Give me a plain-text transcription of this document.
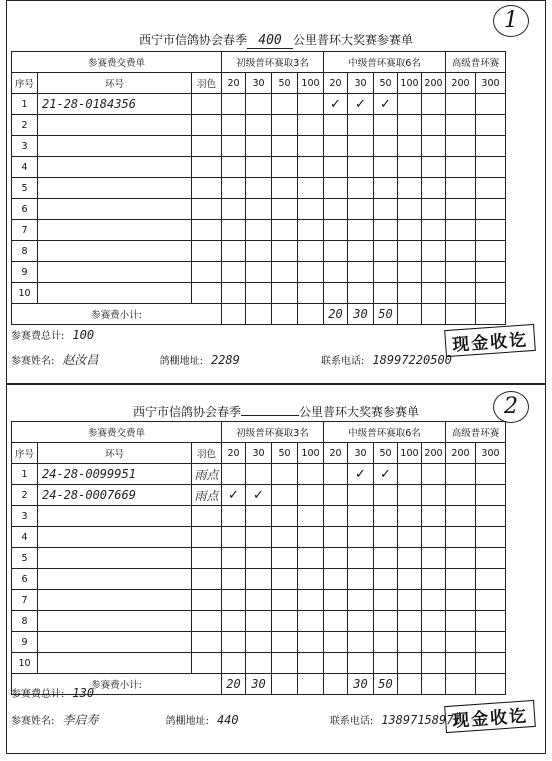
1
西宁市信鸽协会春季 400 公里普环大奖赛参赛单
参赛费交费单			初级普环赛取3名				中级普环赛取6名					高级普环赛	
序号	环号	羽色	20	30	50	100	20	30	50	100	200	200	300
1	21-28-0184356						✓	✓	✓				
2													
3													
4													
5													
6													
7													
8													
9													
10													
参赛费小计:							20	30	50				
参赛费总计: 100
参赛姓名: 赵汝昌	鸽棚地址: 2289	联系电话: 18997220500
现金收讫
2
西宁市信鸽协会春季	公里普环大奖赛参赛单
参赛费交费单			初级普环赛取3名				中级普环赛取6名					高级普环赛	
序号	环号	羽色	20	30	50	100	20	30	50	100	200	200	300
1	24-28-0099951	雨点						✓	✓				
2	24-28-0007669	雨点	✓	✓									
3													
4													
5													
6													
7													
8													
9													
10													
参赛费小计:			20	30				30	50				
参赛费总计: 130
参赛姓名: 李启寿	鸽棚地址: 440	联系电话: 13897158971
现金收讫
